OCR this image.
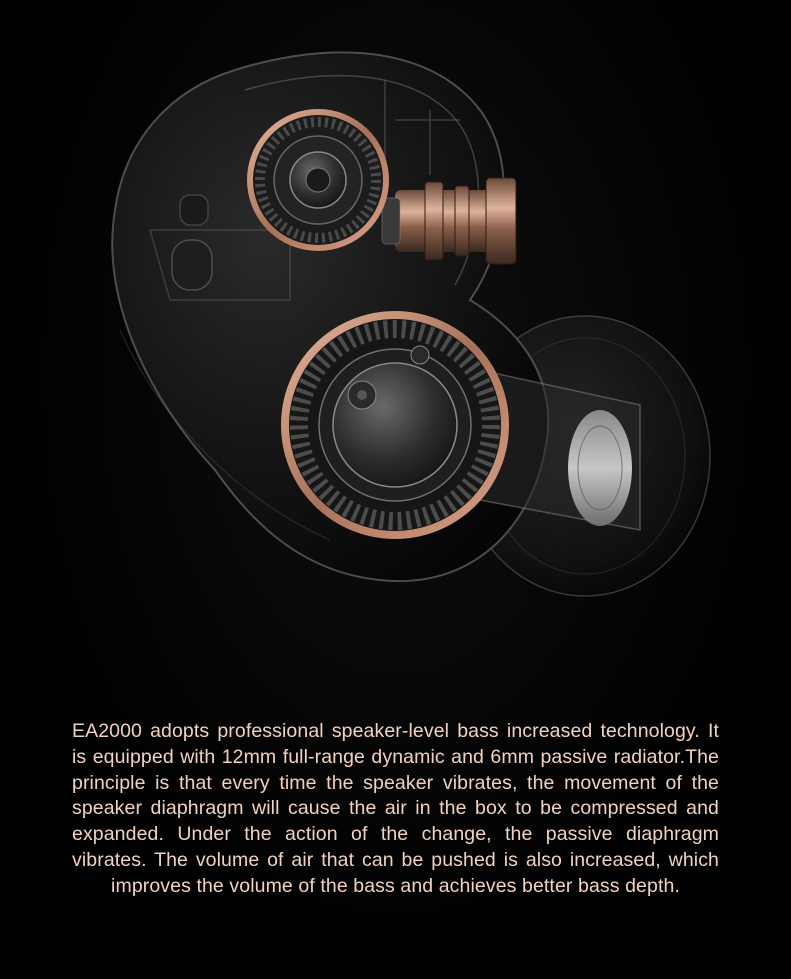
EA2000 adopts professional speaker-level bass increased technology. It is equipped with 12mm full-range dynamic and 6mm passive radiator.The principle is that every time the speaker vibrates, the movement of the speaker diaphragm will cause the air in the box to be compressed and expanded. Under the action of the change, the passive diaphragm vibrates. The volume of air that can be pushed is also increased, which improves the volume of the bass and achieves better bass depth.
